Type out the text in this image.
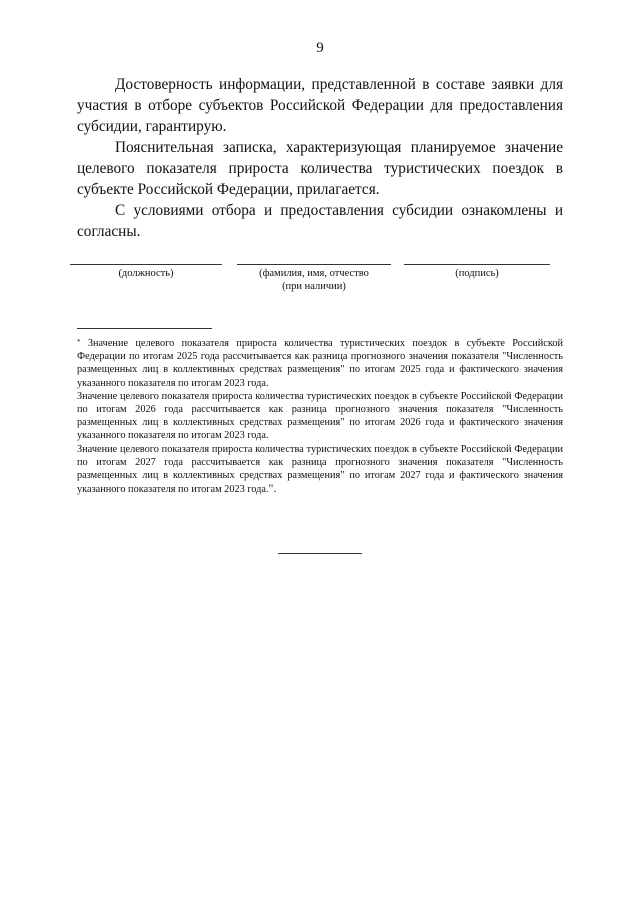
9

Достоверность информации, представленной в составе заявки для участия в отборе субъектов Российской Федерации для предоставления субсидии, гарантирую.

Пояснительная записка, характеризующая планируемое значение целевого показателя прироста количества туристических поездок в субъекте Российской Федерации, прилагается.

С условиями отбора и предоставления субсидии ознакомлены и согласны.

(должность)	(фамилия, имя, отчество
(при наличии)
(подпись)

* Значение целевого показателя прироста количества туристических поездок в субъекте Российской Федерации по итогам 2025 года рассчитывается как разница прогнозного значения показателя "Численность размещенных лиц в коллективных средствах размещения" по итогам 2025 года и фактического значения указанного показателя по итогам 2023 года.

Значение целевого показателя прироста количества туристических поездок в субъекте Российской Федерации по итогам 2026 года рассчитывается как разница прогнозного значения показателя "Численность размещенных лиц в коллективных средствах размещения" по итогам 2026 года и фактического значения указанного показателя по итогам 2023 года.

Значение целевого показателя прироста количества туристических поездок в субъекте Российской Федерации по итогам 2027 года рассчитывается как разница прогнозного значения показателя "Численность размещенных лиц в коллективных средствах размещения" по итогам 2027 года и фактического значения указанного показателя по итогам 2023 года.".
